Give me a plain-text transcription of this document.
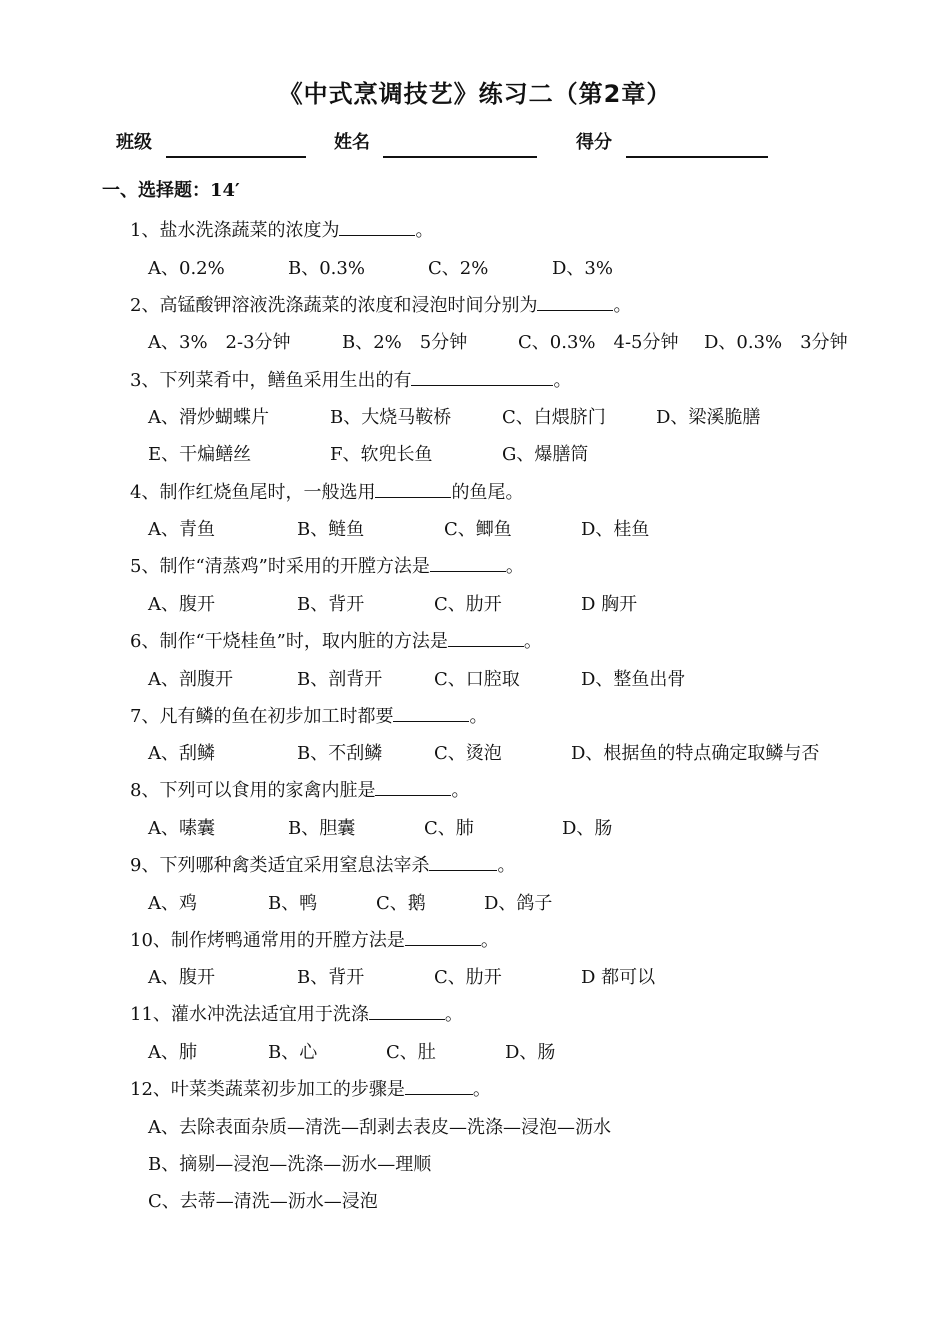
《中式烹调技艺》练习二（第2章）
班级	姓名	得分
一、选择题：14′
1、盐水洗涤蔬菜的浓度为	。
A、0.2%	B、0.3%	C、2%	D、3%
2、高锰酸钾溶液洗涤蔬菜的浓度和浸泡时间分别为	。
A、3%　2-3分钟	B、2%　5分钟	C、0.3%　4-5分钟 D、0.3%　3分钟
3、下列菜肴中，鳝鱼采用生出的有	。
A、滑炒蝴蝶片	B、大烧马鞍桥	C、白煨脐门	D、梁溪脆膳
E、干煸鳝丝	F、软兜长鱼	G、爆膳筒
4、制作红烧鱼尾时，一般选用	的鱼尾。
A、青鱼	B、鲢鱼	C、鲫鱼	D、桂鱼
5、制作“清蒸鸡”时采用的开膛方法是	。
A、腹开	B、背开	C、肋开	D 胸开
6、制作“干烧桂鱼”时，取内脏的方法是	。
A、剖腹开	B、剖背开	C、口腔取	D、整鱼出骨
7、凡有鳞的鱼在初步加工时都要	。
A、刮鳞	B、不刮鳞	C、烫泡	D、根据鱼的特点确定取鳞与否
8、下列可以食用的家禽内脏是	。
A、嗉囊	B、胆囊	C、肺	D、肠
9、下列哪种禽类适宜采用窒息法宰杀	。
A、鸡	B、鸭	C、鹅	D、鸽子
10、制作烤鸭通常用的开膛方法是	。
A、腹开	B、背开	C、肋开	D 都可以
11、灌水冲洗法适宜用于洗涤	。
A、肺	B、心	C、肚	D、肠
12、叶菜类蔬菜初步加工的步骤是	。
A、去除表面杂质—清洗—刮剥去表皮—洗涤—浸泡—沥水
B、摘剔—浸泡—洗涤—沥水—理顺
C、去蒂—清洗—沥水—浸泡
